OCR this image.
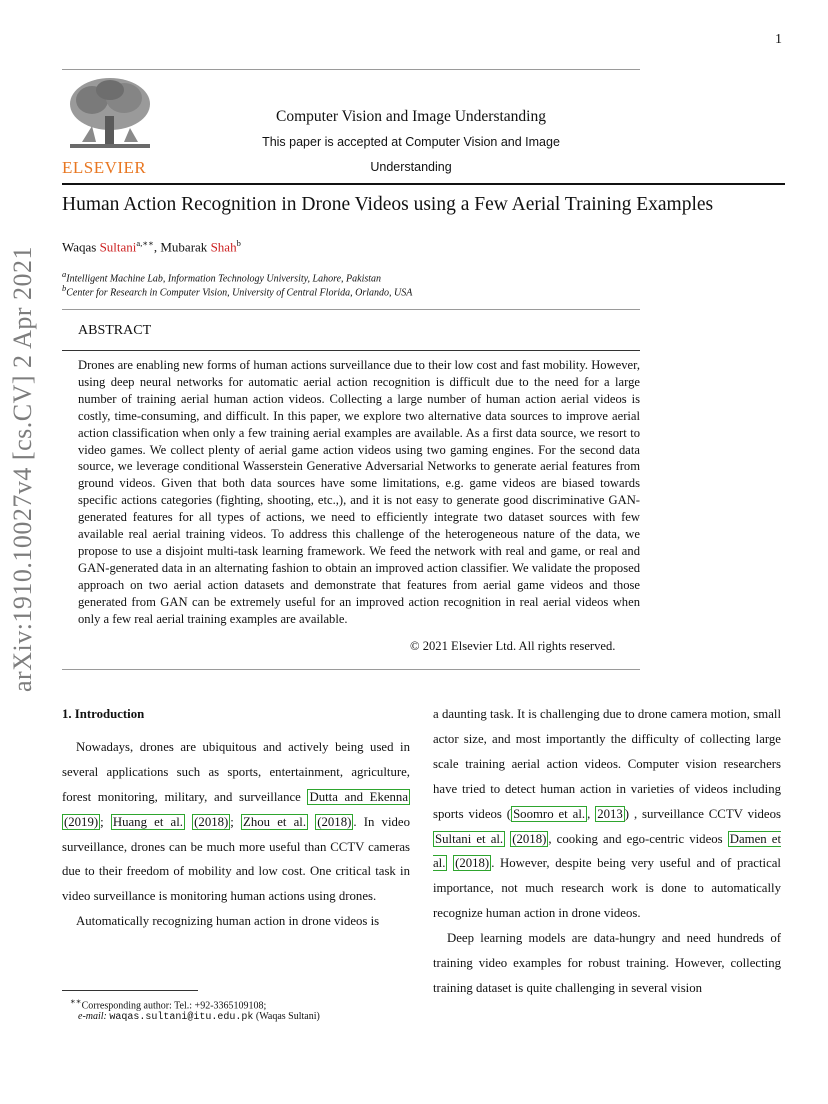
1
ELSEVIER
Computer Vision and Image Understanding
This paper is accepted at Computer Vision and Image
Understanding
Human Action Recognition in Drone Videos using a Few Aerial Training Examples
Waqas Sultani$^{a,∗∗}$, Mubarak Shah$^b$
$^a$Intelligent Machine Lab, Information Technology University, Lahore, Pakistan
$^b$Center for Research in Computer Vision, University of Central Florida, Orlando, USA
ABSTRACT
Drones are enabling new forms of human actions surveillance due to their low cost and fast mobility. However, using deep neural networks for automatic aerial action recognition is difficult due to the need for a large number of training aerial human action videos. Collecting a large number of human action aerial videos is costly, time-consuming, and difficult. In this paper, we explore two alternative data sources to improve aerial action classification when only a few training aerial examples are available. As a first data source, we resort to video games. We collect plenty of aerial game action videos using two gaming engines. For the second data source, we leverage conditional Wasserstein Generative Adversarial Networks to generate aerial features from ground videos. Given that both data sources have some limitations, e.g. game videos are biased towards specific actions categories (fighting, shooting, etc.,), and it is not easy to generate good discriminative GAN-generated features for all types of actions, we need to efficiently integrate two dataset sources with few available real aerial training videos. To address this challenge of the heterogeneous nature of the data, we propose to use a disjoint multi-task learning framework. We feed the network with real and game, or real and GAN-generated data in an alternating fashion to obtain an improved action classifier. We validate the proposed approach on two aerial action datasets and demonstrate that features from aerial game videos and those generated from GAN can be extremely useful for an improved action recognition in real aerial videos when only a few real aerial training examples are available.
© 2021 Elsevier Ltd. All rights reserved.
arXiv:1910.10027v4 [cs.CV] 2 Apr 2021

1. Introduction

Nowadays, drones are ubiquitous and actively being used in several applications such as sports, entertainment, agriculture, forest monitoring, military, and surveillance Dutta and Ekenna (2019) ; Huang et al. (2018) ; Zhou et al. (2018) . In video surveillance, drones can be much more useful than CCTV cameras due to their freedom of mobility and low cost. One critical task in video surveillance is monitoring human actions using drones.

Automatically recognizing human action in drone videos is

∗∗Corresponding author: Tel.: +92-3365109108;
e-mail: waqas.sultani@itu.edu.pk (Waqas Sultani)

a daunting task. It is challenging due to drone camera motion, small actor size, and most importantly the difficulty of collecting large scale training aerial action videos. Computer vision researchers have tried to detect human action in varieties of videos including sports videos ( Soomro et al. , 2013 ) , surveillance CCTV videos Sultani et al. (2018) , cooking and ego-centric videos Damen et al. (2018) . However, despite being very useful and of practical importance, not much research work is done to automatically recognize human action in drone videos.

Deep learning models are data-hungry and need hundreds of training video examples for robust training. However, collecting training dataset is quite challenging in several vision
